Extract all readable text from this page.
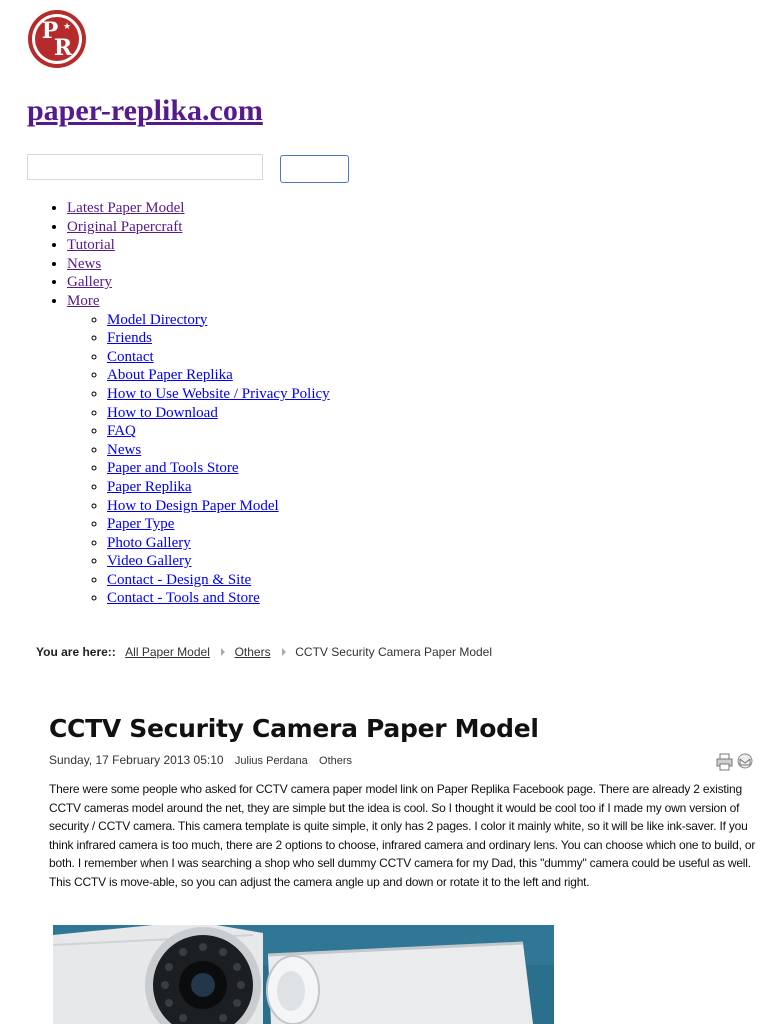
P
R
★
paper-replika.com
• Latest Paper Model
• Original Papercraft
• Tutorial
• News
• Gallery
• More
◦ Model Directory
◦ Friends
◦ Contact
◦ About Paper Replika
◦ How to Use Website / Privacy Policy
◦ How to Download
◦ FAQ
◦ News
◦ Paper and Tools Store
◦ Paper Replika
◦ How to Design Paper Model
◦ Paper Type
◦ Photo Gallery
◦ Video Gallery
◦ Contact - Design & Site
◦ Contact - Tools and Store
You are here:: All Paper Model Others CCTV Security Camera Paper Model
CCTV Security Camera Paper Model
Sunday, 17 February 2013 05:10 Julius Perdana Others

There were some people who asked for CCTV camera paper model link on Paper Replika Facebook page. There are already 2 existing CCTV cameras model around the net, they are simple but the idea is cool. So I thought it would be cool too if I made my own version of security / CCTV camera. This camera template is quite simple, it only has 2 pages. I color it mainly white, so it will be like ink-saver. If you think infrared camera is too much, there are 2 options to choose, infrared camera and ordinary lens. You can choose which one to build, or both. I remember when I was searching a shop who sell dummy CCTV camera for my Dad, this "dummy" camera could be useful as well. This CCTV is move-able, so you can adjust the camera angle up and down or rotate it to the left and right.
